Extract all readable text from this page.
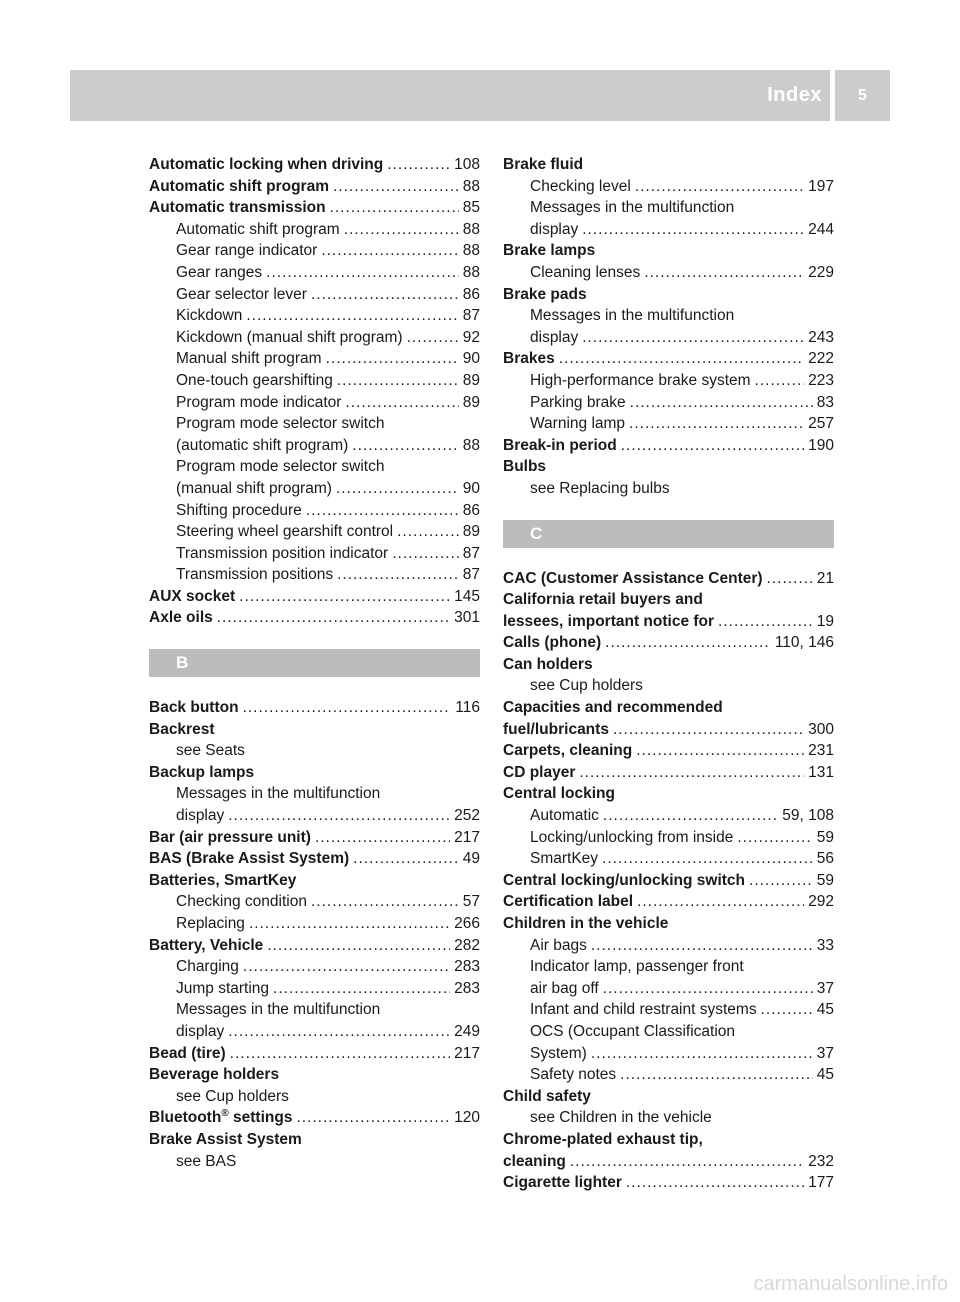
Index	5
Automatic locking when driving .....	108
Automatic shift program .....	88
Automatic transmission .....	85
Automatic shift program .....	88
Gear range indicator .....	88
Gear ranges .....	88
Gear selector lever .....	86
Kickdown .....	87
Kickdown (manual shift program) .....	92
Manual shift program .....	90
One-touch gearshifting .....	89
Program mode indicator .....	89
Program mode selector switch
(automatic shift program) .....	88
Program mode selector switch
(manual shift program) .....	90
Shifting procedure .....	86
Steering wheel gearshift control .....	89
Transmission position indicator .....	87
Transmission positions .....	87
AUX socket .....	145
Axle oils .....	301
B
Back button .....	116
Backrest
see Seats
Backup lamps
Messages in the multifunction
display .....	252
Bar (air pressure unit) .....	217
BAS (Brake Assist System) .....	49
Batteries, SmartKey
Checking condition .....	57
Replacing .....	266
Battery, Vehicle .....	282
Charging .....	283
Jump starting .....	283
Messages in the multifunction
display .....	249
Bead (tire) .....	217
Beverage holders
see Cup holders
Bluetooth® settings .....	120
Brake Assist System
see BAS
Brake fluid
Checking level .....	197
Messages in the multifunction
display .....	244
Brake lamps
Cleaning lenses .....	229
Brake pads
Messages in the multifunction
display .....	243
Brakes .....	222
High-performance brake system .....	223
Parking brake .....	83
Warning lamp .....	257
Break-in period .....	190
Bulbs
see Replacing bulbs
C
CAC (Customer Assistance Center) .....	21
California retail buyers and
lessees, important notice for .....	19
Calls (phone) .....	110, 146
Can holders
see Cup holders
Capacities and recommended
fuel/lubricants .....	300
Carpets, cleaning .....	231
CD player .....	131
Central locking
Automatic .....	59, 108
Locking/unlocking from inside .....	59
SmartKey .....	56
Central locking/unlocking switch .....	59
Certification label .....	292
Children in the vehicle
Air bags .....	33
Indicator lamp, passenger front
air bag off .....	37
Infant and child restraint systems .....	45
OCS (Occupant Classification
System) .....	37
Safety notes .....	45
Child safety
see Children in the vehicle
Chrome-plated exhaust tip,
cleaning .....	232
Cigarette lighter .....	177
carmanualsonline.info
